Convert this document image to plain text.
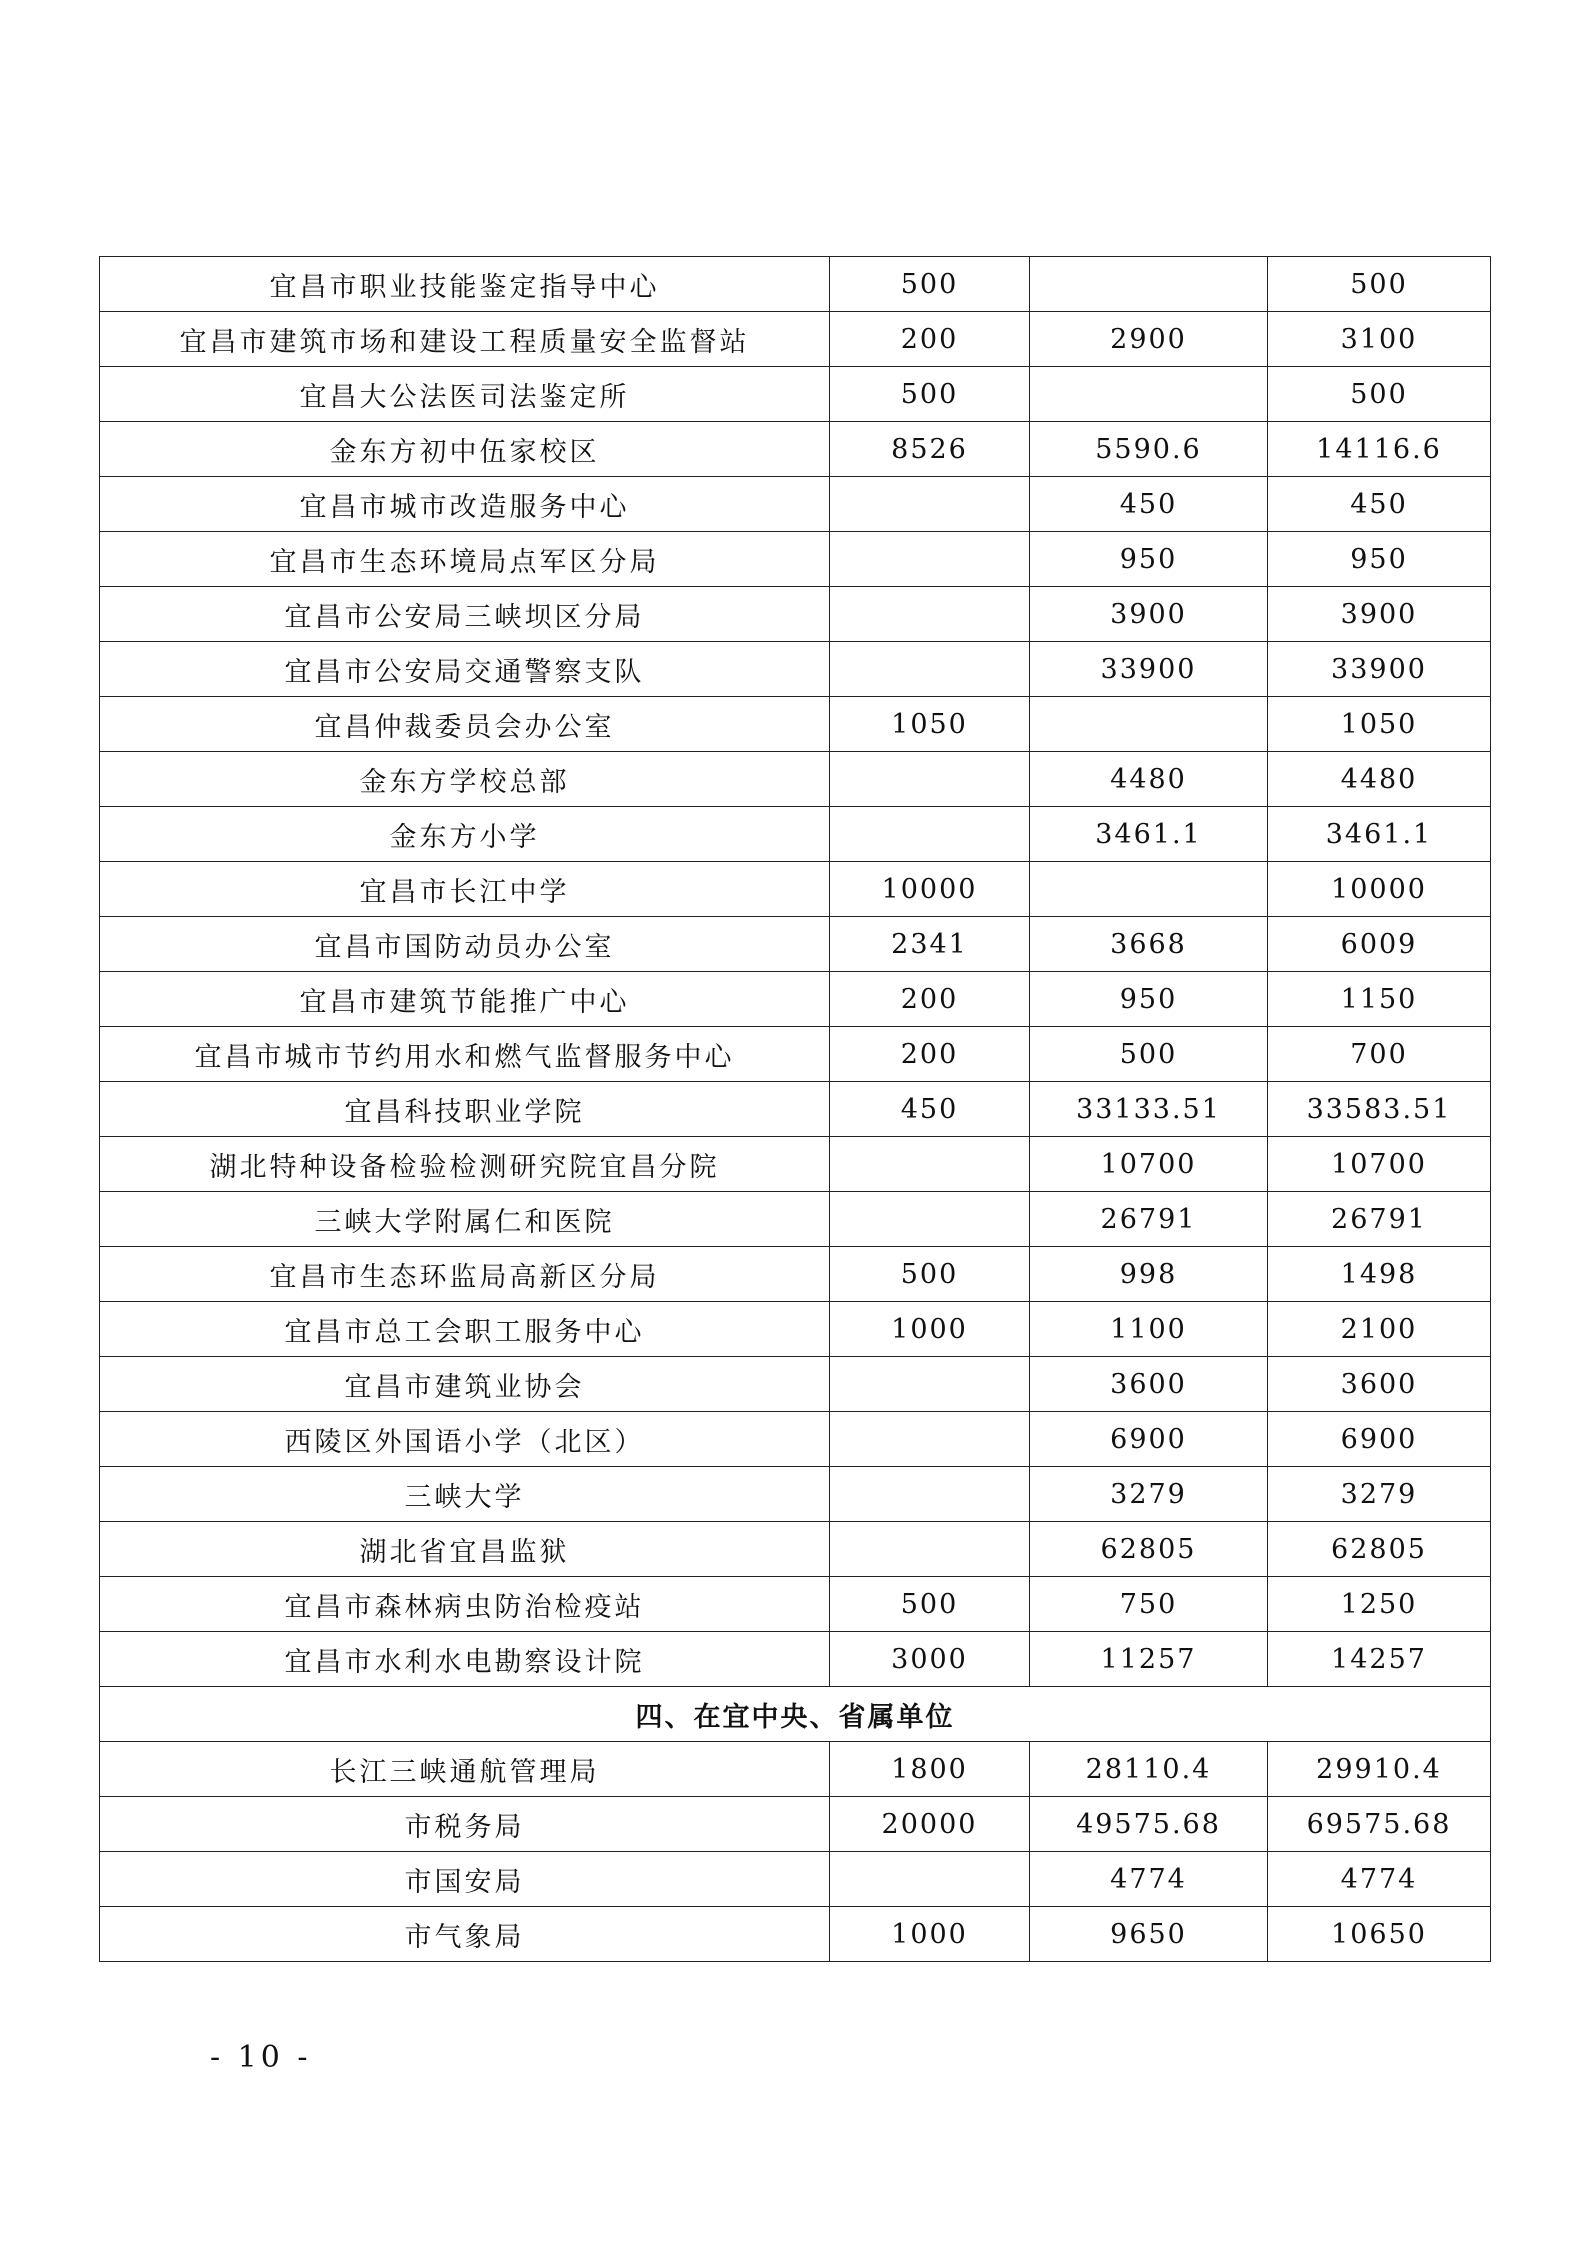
宜昌市职业技能鉴定指导中心	500		500
宜昌市建筑市场和建设工程质量安全监督站	200	2900	3100
宜昌大公法医司法鉴定所	500		500
金东方初中伍家校区	8526	5590.6	14116.6
宜昌市城市改造服务中心		450	450
宜昌市生态环境局点军区分局		950	950
宜昌市公安局三峡坝区分局		3900	3900
宜昌市公安局交通警察支队		33900	33900
宜昌仲裁委员会办公室	1050		1050
金东方学校总部		4480	4480
金东方小学		3461.1	3461.1
宜昌市长江中学	10000		10000
宜昌市国防动员办公室	2341	3668	6009
宜昌市建筑节能推广中心	200	950	1150
宜昌市城市节约用水和燃气监督服务中心	200	500	700
宜昌科技职业学院	450	33133.51	33583.51
湖北特种设备检验检测研究院宜昌分院		10700	10700
三峡大学附属仁和医院		26791	26791
宜昌市生态环监局高新区分局	500	998	1498
宜昌市总工会职工服务中心	1000	1100	2100
宜昌市建筑业协会		3600	3600
西陵区外国语小学（北区）		6900	6900
三峡大学		3279	3279
湖北省宜昌监狱		62805	62805
宜昌市森林病虫防治检疫站	500	750	1250
宜昌市水利水电勘察设计院	3000	11257	14257
四、在宜中央、省属单位			
长江三峡通航管理局	1800	28110.4	29910.4
市税务局	20000	49575.68	69575.68
市国安局		4774	4774
市气象局	1000	9650	10650
- 10 -
